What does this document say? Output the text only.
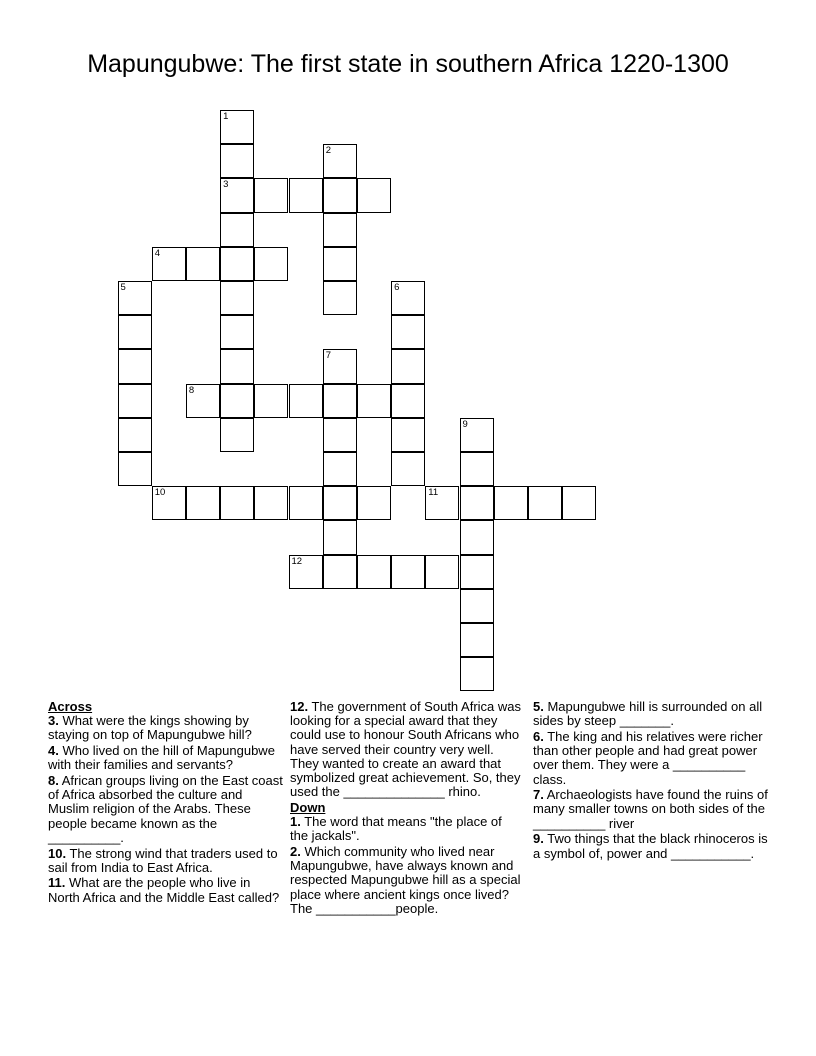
Mapungubwe: The first state in southern Africa 1220-1300
1
2
3
4
5	6
7
8
9
10	11
12

Across

3. What were the kings showing by staying on top of Mapungubwe hill?

4. Who lived on the hill of Mapungubwe with their families and servants?

8. African groups living on the East coast of Africa absorbed the culture and Muslim religion of the Arabs. These people became known as the __________.

10. The strong wind that traders used to sail from India to East Africa.

11. What are the people who live in North Africa and the Middle East called?

12. The government of South Africa was looking for a special award that they could use to honour South Africans who have served their country very well. They wanted to create an award that symbolized great achievement. So, they used the ______________ rhino.

Down

1. The word that means "the place of the jackals".

2. Which community who lived near Mapungubwe, have always known and respected Mapungubwe hill as a special place where ancient kings once lived? The ___________people.

5. Mapungubwe hill is surrounded on all sides by steep _______.

6. The king and his relatives were richer than other people and had great power over them. They were a __________ class.

7. Archaeologists have found the ruins of many smaller towns on both sides of the __________ river

9. Two things that the black rhinoceros is a symbol of, power and ___________.
